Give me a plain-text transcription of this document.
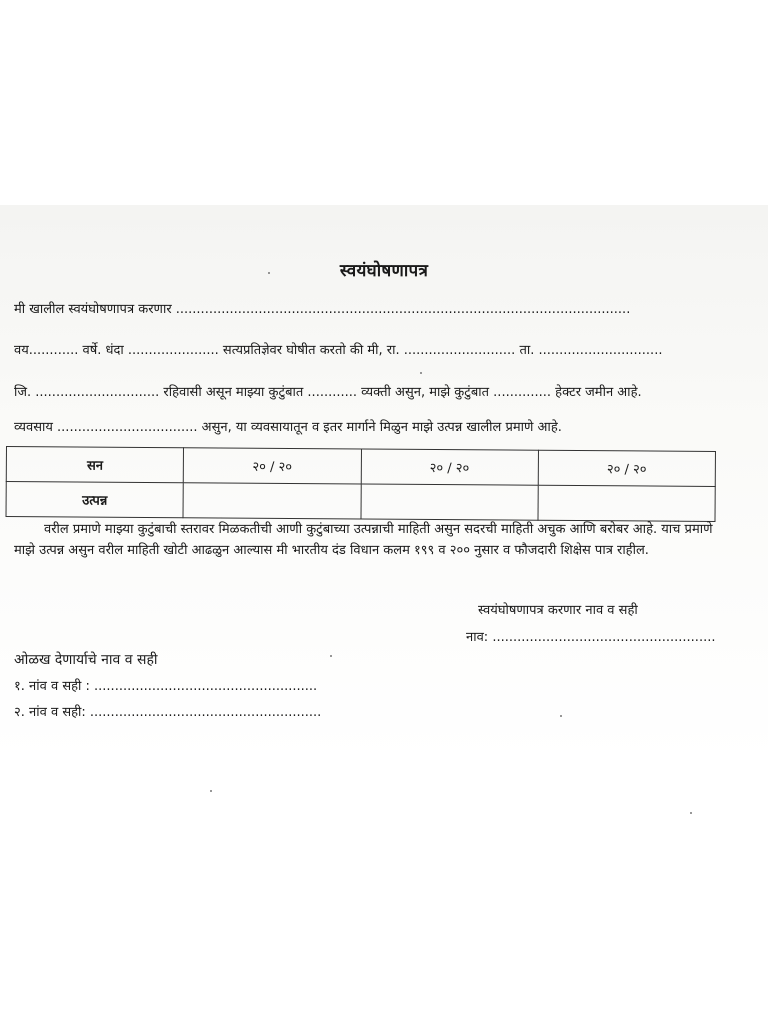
स्वयंघोषणापत्र
मी खालील स्वयंघोषणापत्र करणार ..............................................................................................................
वय............ वर्षे. धंदा ...................... सत्यप्रतिज्ञेवर घोषीत करतो की मी, रा. ........................... ता. ..............................
जि. .............................. रहिवासी असून माझ्या कुटुंबात ............ व्यक्ती असुन, माझे कुटुंबात .............. हेक्टर जमीन आहे.
व्यवसाय .................................. असुन, या व्यवसायातून व इतर मार्गाने मिळुन माझे उत्पन्न खालील प्रमाणे आहे.
सन	२० / २०	२० / २०	२० / २०
उत्पन्न			
वरील प्रमाणे माझ्या कुटुंबाची स्तरावर मिळकतीची आणी कुटुंबाच्या उत्पन्नाची माहिती असुन सदरची माहिती अचुक आणि बरोबर आहे. याच प्रमाणे माझे उत्पन्न असुन वरील माहिती खोटी आढळुन आल्यास मी भारतीय दंड विधान कलम १९९ व २०० नुसार व फौजदारी शिक्षेस पात्र राहील.
स्वयंघोषणापत्र करणार नाव व सही
नाव: ......................................................
ओळख देणार्याचे नाव व सही
१. नांव व सही : ......................................................
२. नांव व सही: ........................................................
